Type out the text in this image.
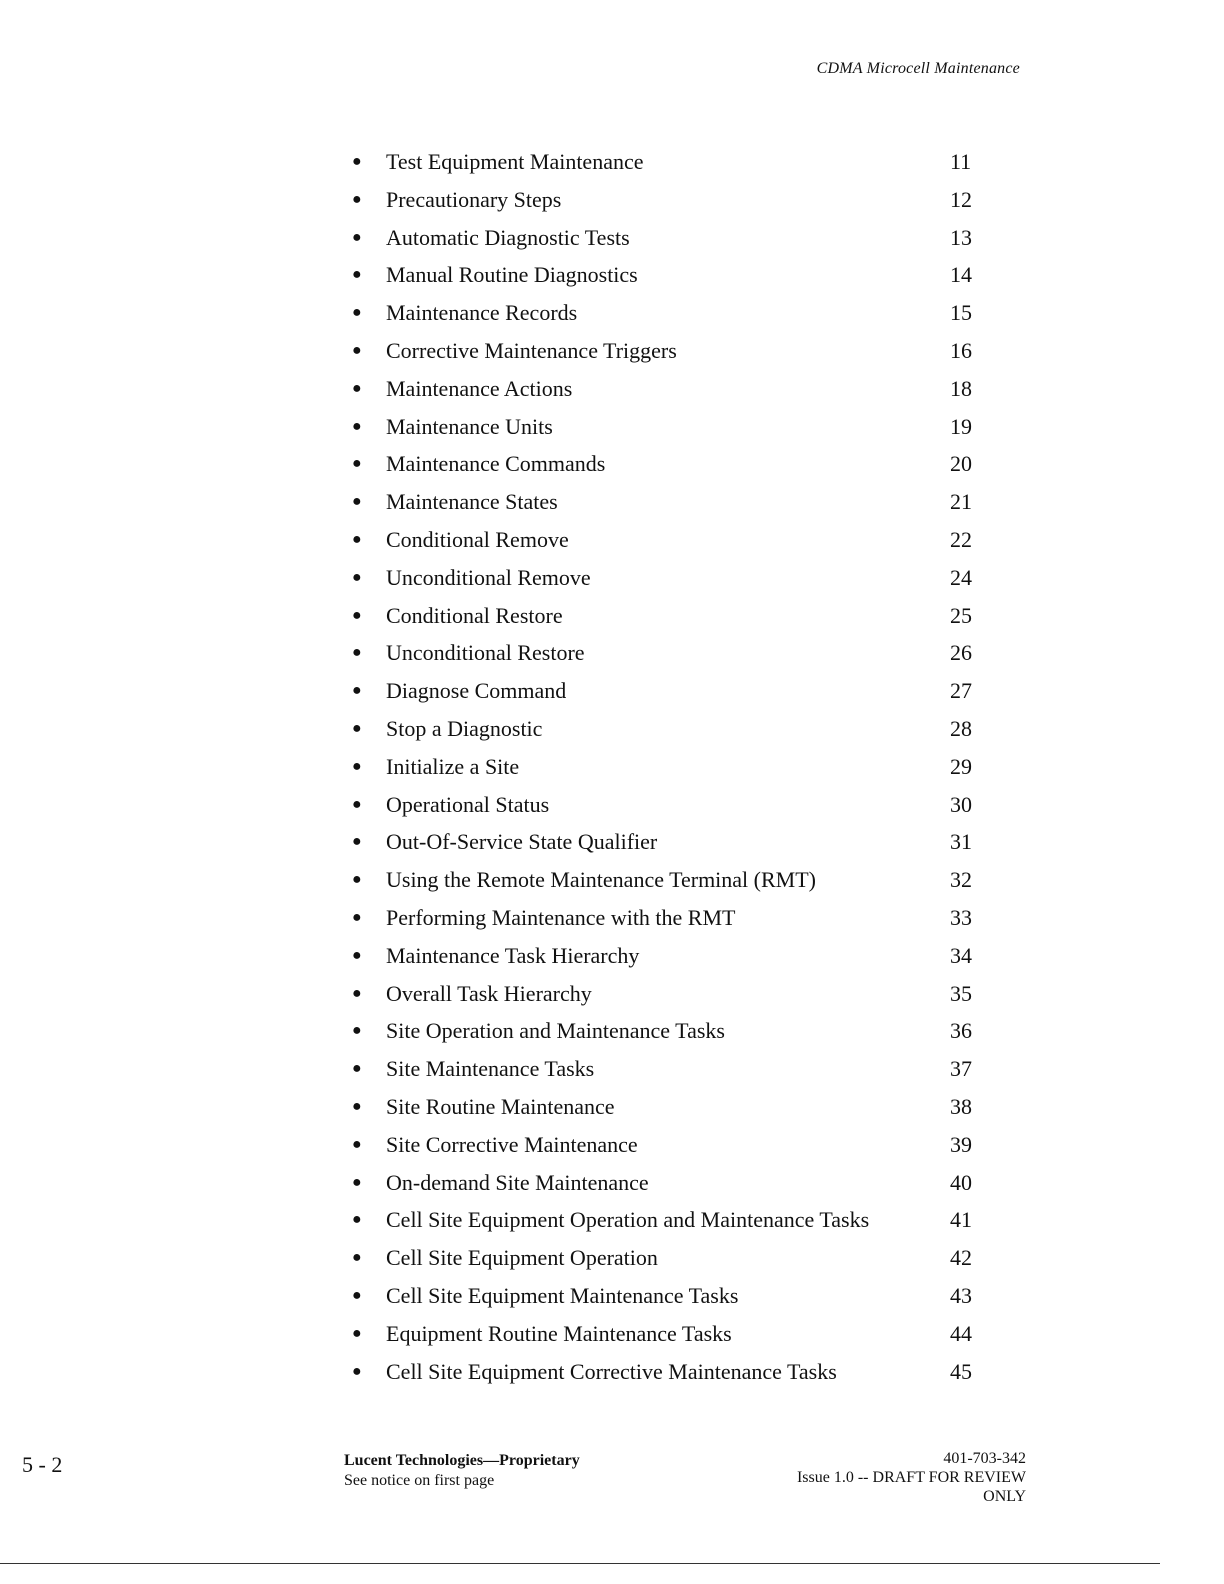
CDMA Microcell Maintenance
● Test Equipment Maintenance	11
● Precautionary Steps	12
● Automatic Diagnostic Tests	13
● Manual Routine Diagnostics	14
● Maintenance Records	15
● Corrective Maintenance Triggers	16
● Maintenance Actions	18
● Maintenance Units	19
● Maintenance Commands	20
● Maintenance States	21
● Conditional Remove	22
● Unconditional Remove	24
● Conditional Restore	25
● Unconditional Restore	26
● Diagnose Command	27
● Stop a Diagnostic	28
● Initialize a Site	29
● Operational Status	30
● Out-Of-Service State Qualifier	31
● Using the Remote Maintenance Terminal (RMT)	32
● Performing Maintenance with the RMT	33
● Maintenance Task Hierarchy	34
● Overall Task Hierarchy	35
● Site Operation and Maintenance Tasks	36
● Site Maintenance Tasks	37
● Site Routine Maintenance	38
● Site Corrective Maintenance	39
● On-demand Site Maintenance	40
● Cell Site Equipment Operation and Maintenance Tasks	41
● Cell Site Equipment Operation	42
● Cell Site Equipment Maintenance Tasks	43
● Equipment Routine Maintenance Tasks	44
● Cell Site Equipment Corrective Maintenance Tasks	45
5 - 2	Lucent Technologies—Proprietary
See notice on first page
401-703-342
Issue 1.0 -- DRAFT FOR REVIEW ONLY
